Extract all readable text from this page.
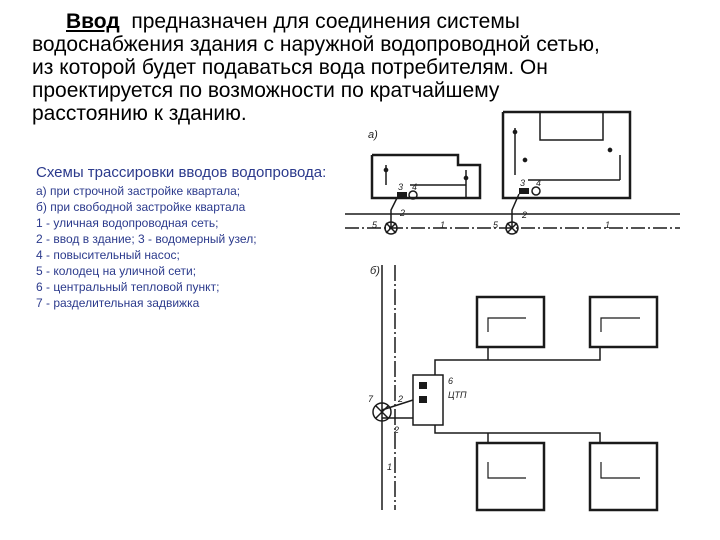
Ввод  предназначен для соединения системы
водоснабжения здания с наружной водопроводной сетью,
из которой будет подаваться вода потребителям. Он
проектируется по возможности по кратчайшему
расстоянию к зданию.
Схемы трассировки вводов водопровода:
а) при строчной застройке квартала;
б) при свободной застройке квартала
1 - уличная водопроводная сеть;
2 - ввод в здание; 3 - водомерный узел;
4 - повысительный насос;
5 - колодец на уличной сети;
6 - центральный тепловой пункт;
7 - разделительная задвижка
а)
3 4	3 4
5
2
1	5
2
1
б)
6
ЦТП
7	2
2
1
